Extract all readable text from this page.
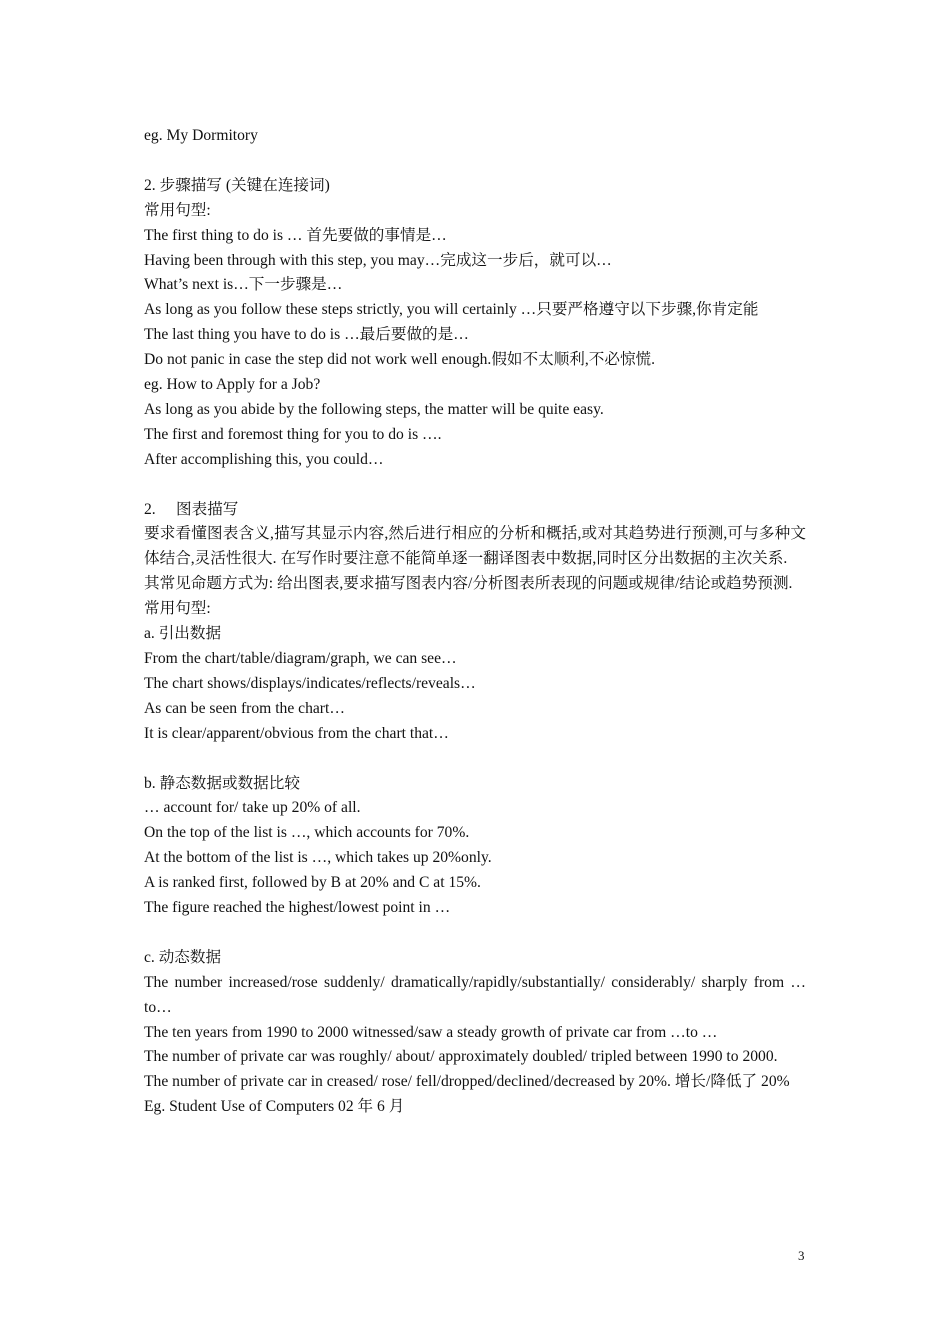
eg. My Dormitory
2. 步骤描写 (关键在连接词)
常用句型:
The first thing to do is … 首先要做的事情是…
Having been through with this step, you may…完成这一步后，就可以…
What’s next is…下一步骤是…
As long as you follow these steps strictly, you will certainly …只要严格遵守以下步骤,你肯定能
The last thing you have to do is …最后要做的是…
Do not panic in case the step did not work well enough.假如不太顺利,不必惊慌.
eg. How to Apply for a Job?
As long as you abide by the following steps, the matter will be quite easy.
The first and foremost thing for you to do is ….
After accomplishing this, you could…
2. 图表描写
要求看懂图表含义,描写其显示内容,然后进行相应的分析和概括,或对其趋势进行预测,可与多种文体结合,灵活性很大. 在写作时要注意不能简单逐一翻译图表中数据,同时区分出数据的主次关系.
其常见命题方式为: 给出图表,要求描写图表内容/分析图表所表现的问题或规律/结论或趋势预测.
常用句型:
a. 引出数据
From the chart/table/diagram/graph, we can see…
The chart shows/displays/indicates/reflects/reveals…
As can be seen from the chart…
It is clear/apparent/obvious from the chart that…
b. 静态数据或数据比较
… account for/ take up 20% of all.
On the top of the list is …, which accounts for 70%.
At the bottom of the list is …, which takes up 20%only.
A is ranked first, followed by B at 20% and C at 15%.
The figure reached the highest/lowest point in …
c. 动态数据
The number increased/rose suddenly/ dramatically/rapidly/substantially/ considerably/ sharply from … to…
The ten years from 1990 to 2000 witnessed/saw a steady growth of private car from …to …
The number of private car was roughly/ about/ approximately doubled/ tripled between 1990 to 2000.
The number of private car in creased/ rose/ fell/dropped/declined/decreased by 20%. 增长/降低了 20%
Eg. Student Use of Computers 02 年 6 月
3
